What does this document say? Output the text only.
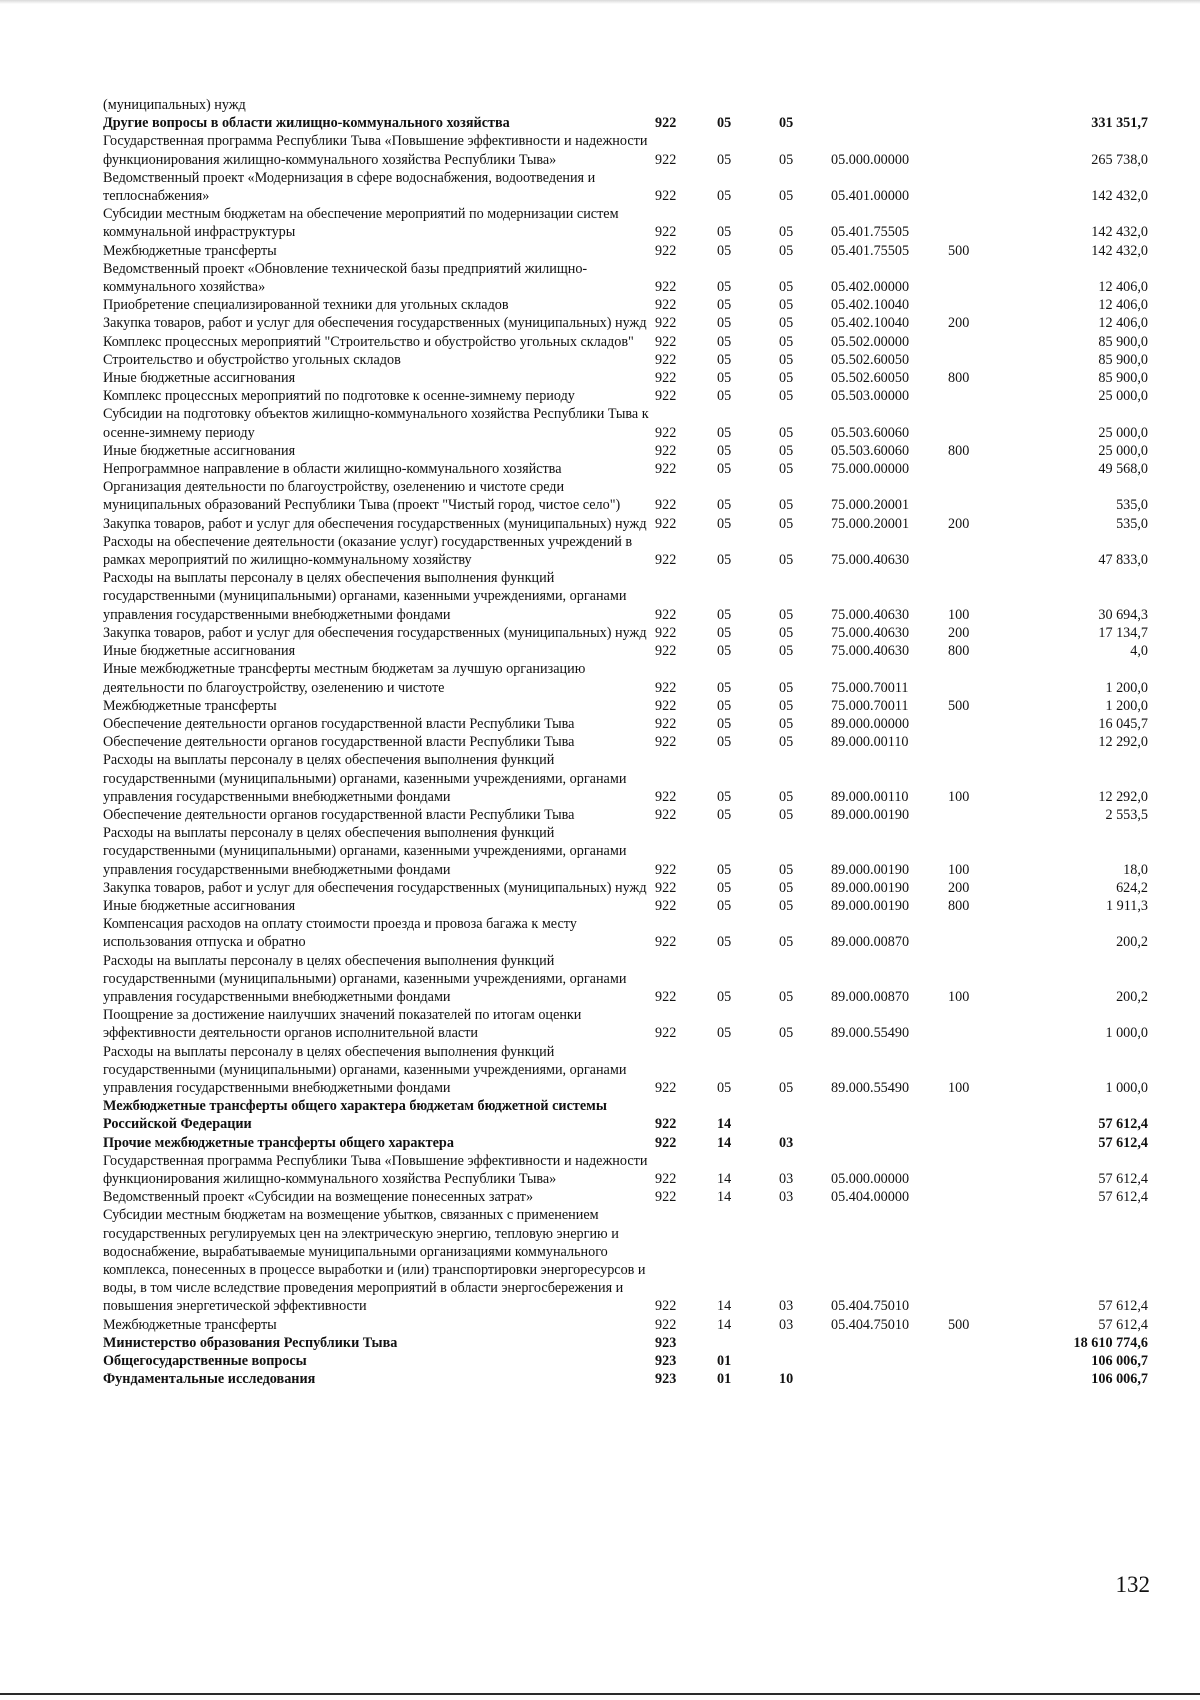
(муниципальных) нужд						
Другие вопросы в области жилищно-коммунального хозяйства	922	05	05			331 351,7
Государственная программа Республики Тыва «Повышение эффективности и надежности функционирования жилищно-коммунального хозяйства Республики Тыва»	922	05	05	05.000.00000		265 738,0
Ведомственный проект «Модернизация в сфере водоснабжения, водоотведения и теплоснабжения»	922	05	05	05.401.00000		142 432,0
Субсидии местным бюджетам на обеспечение мероприятий по модернизации систем коммунальной инфраструктуры	922	05	05	05.401.75505		142 432,0
Межбюджетные трансферты	922	05	05	05.401.75505	500	142 432,0
Ведомственный проект «Обновление технической базы предприятий жилищно-коммунального хозяйства»	922	05	05	05.402.00000		12 406,0
Приобретение специализированной техники для угольных складов	922	05	05	05.402.10040		12 406,0
Закупка товаров, работ и услуг для обеспечения государственных (муниципальных) нужд	922	05	05	05.402.10040	200	12 406,0
Комплекс процессных мероприятий "Строительство и обустройство угольных складов"	922	05	05	05.502.00000		85 900,0
Строительство и обустройство угольных складов	922	05	05	05.502.60050		85 900,0
Иные бюджетные ассигнования	922	05	05	05.502.60050	800	85 900,0
Комплекс процессных мероприятий по подготовке к осенне-зимнему периоду	922	05	05	05.503.00000		25 000,0
Субсидии на подготовку объектов жилищно-коммунального хозяйства Республики Тыва к осенне-зимнему периоду	922	05	05	05.503.60060		25 000,0
Иные бюджетные ассигнования	922	05	05	05.503.60060	800	25 000,0
Непрограммное направление в области жилищно-коммунального хозяйства	922	05	05	75.000.00000		49 568,0
Организация деятельности по благоустройству, озеленению и чистоте среди муниципальных образований Республики Тыва (проект "Чистый город, чистое село")	922	05	05	75.000.20001		535,0
Закупка товаров, работ и услуг для обеспечения государственных (муниципальных) нужд	922	05	05	75.000.20001	200	535,0
Расходы на обеспечение деятельности (оказание услуг) государственных учреждений в рамках мероприятий по жилищно-коммунальному хозяйству	922	05	05	75.000.40630		47 833,0
Расходы на выплаты персоналу в целях обеспечения выполнения функций государственными (муниципальными) органами, казенными учреждениями, органами управления государственными внебюджетными фондами	922	05	05	75.000.40630	100	30 694,3
Закупка товаров, работ и услуг для обеспечения государственных (муниципальных) нужд	922	05	05	75.000.40630	200	17 134,7
Иные бюджетные ассигнования	922	05	05	75.000.40630	800	4,0
Иные межбюджетные трансферты местным бюджетам за лучшую организацию деятельности по благоустройству, озеленению и чистоте	922	05	05	75.000.70011		1 200,0
Межбюджетные трансферты	922	05	05	75.000.70011	500	1 200,0
Обеспечение деятельности органов государственной власти Республики Тыва	922	05	05	89.000.00000		16 045,7
Обеспечение деятельности органов государственной власти Республики Тыва	922	05	05	89.000.00110		12 292,0
Расходы на выплаты персоналу в целях обеспечения выполнения функций государственными (муниципальными) органами, казенными учреждениями, органами управления государственными внебюджетными фондами	922	05	05	89.000.00110	100	12 292,0
Обеспечение деятельности органов государственной власти Республики Тыва	922	05	05	89.000.00190		2 553,5
Расходы на выплаты персоналу в целях обеспечения выполнения функций государственными (муниципальными) органами, казенными учреждениями, органами управления государственными внебюджетными фондами	922	05	05	89.000.00190	100	18,0
Закупка товаров, работ и услуг для обеспечения государственных (муниципальных) нужд	922	05	05	89.000.00190	200	624,2
Иные бюджетные ассигнования	922	05	05	89.000.00190	800	1 911,3
Компенсация расходов на оплату стоимости проезда и провоза багажа к месту использования отпуска и обратно	922	05	05	89.000.00870		200,2
Расходы на выплаты персоналу в целях обеспечения выполнения функций государственными (муниципальными) органами, казенными учреждениями, органами управления государственными внебюджетными фондами	922	05	05	89.000.00870	100	200,2
Поощрение за достижение наилучших значений показателей по итогам оценки эффективности деятельности органов исполнительной власти	922	05	05	89.000.55490		1 000,0
Расходы на выплаты персоналу в целях обеспечения выполнения функций государственными (муниципальными) органами, казенными учреждениями, органами управления государственными внебюджетными фондами	922	05	05	89.000.55490	100	1 000,0
Межбюджетные трансферты общего характера бюджетам бюджетной системы Российской Федерации	922	14				57 612,4
Прочие межбюджетные трансферты общего характера	922	14	03			57 612,4
Государственная программа Республики Тыва «Повышение эффективности и надежности функционирования жилищно-коммунального хозяйства Республики Тыва»	922	14	03	05.000.00000		57 612,4
Ведомственный проект «Субсидии на возмещение понесенных затрат»	922	14	03	05.404.00000		57 612,4
Субсидии местным бюджетам на возмещение убытков, связанных с применением государственных регулируемых цен на электрическую энергию, тепловую энергию и водоснабжение, вырабатываемые муниципальными организациями коммунального комплекса, понесенных в процессе выработки и (или) транспортировки энергоресурсов и воды, в том числе вследствие проведения мероприятий в области энергосбережения и повышения энергетической эффективности	922	14	03	05.404.75010		57 612,4
Межбюджетные трансферты	922	14	03	05.404.75010	500	57 612,4
Министерство образования Республики Тыва	923					18 610 774,6
Общегосударственные вопросы	923	01				106 006,7
Фундаментальные исследования	923	01	10			106 006,7
132
